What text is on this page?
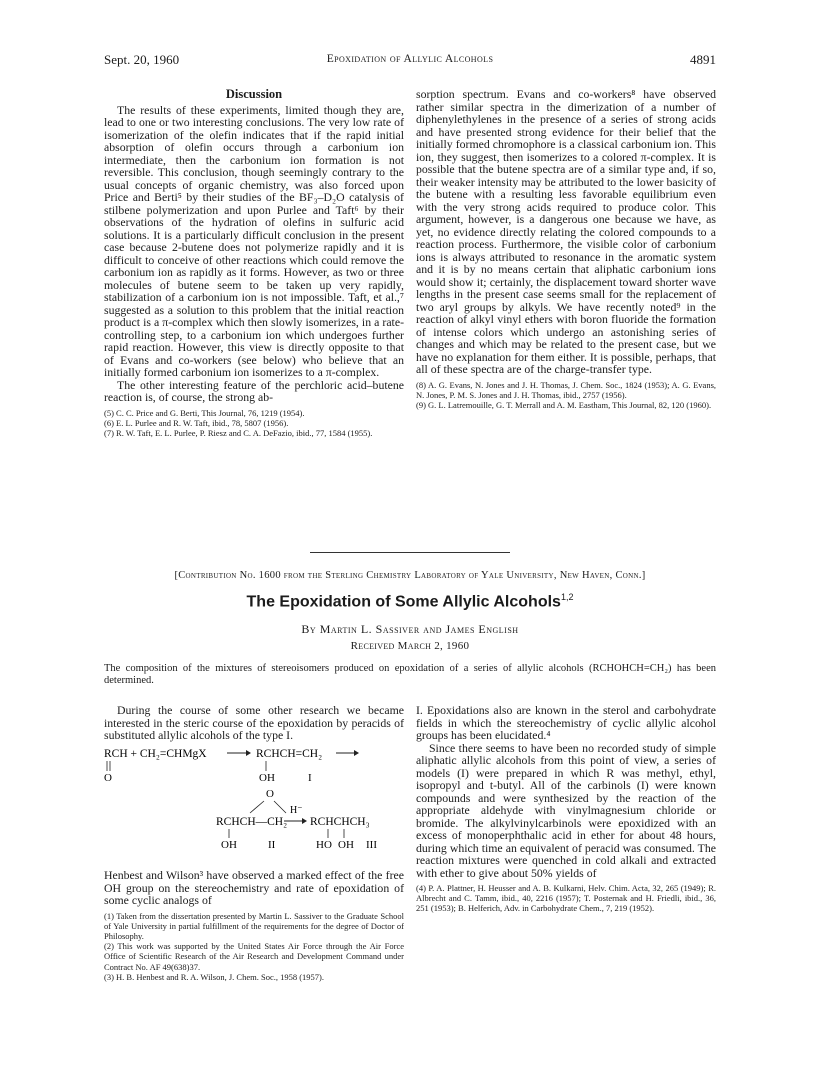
Sept. 20, 1960	Epoxidation of Allylic Alcohols	4891

Discussion

The results of these experiments, limited though they are, lead to one or two interesting conclusions. The very low rate of isomerization of the olefin indicates that if the rapid initial absorption of olefin occurs through a carbonium ion intermediate, then the carbonium ion formation is not reversible. This conclusion, though seemingly contrary to the usual concepts of organic chemistry, was also forced upon Price and Berti⁵ by their studies of the BF₃–D₂O catalysis of stilbene polymerization and upon Purlee and Taft⁶ by their observations of the hydration of olefins in sulfuric acid solutions. It is a particularly difficult conclusion in the present case because 2-butene does not polymerize rapidly and it is difficult to conceive of other reactions which could remove the carbonium ion as rapidly as it forms. However, as two or three molecules of butene seem to be taken up very rapidly, stabilization of a carbonium ion is not impossible. Taft, et al.,⁷ suggested as a solution to this problem that the initial reaction product is a π-complex which then slowly isomerizes, in a rate-controlling step, to a carbonium ion which undergoes further rapid reaction. However, this view is directly opposite to that of Evans and co-workers (see below) who believe that an initially formed carbonium ion isomerizes to a π-complex.

The other interesting feature of the perchloric acid–butene reaction is, of course, the strong ab-

(5) C. C. Price and G. Berti, This Journal, 76, 1219 (1954).

(6) E. L. Purlee and R. W. Taft, ibid., 78, 5807 (1956).

(7) R. W. Taft, E. L. Purlee, P. Riesz and C. A. DeFazio, ibid., 77, 1584 (1955).

sorption spectrum. Evans and co-workers⁸ have observed rather similar spectra in the dimerization of a number of diphenylethylenes in the presence of a series of strong acids and have presented strong evidence for their belief that the initially formed chromophore is a classical carbonium ion. This ion, they suggest, then isomerizes to a colored π-complex. It is possible that the butene spectra are of a similar type and, if so, their weaker intensity may be attributed to the lower basicity of the butene with a resulting less favorable equilibrium even with the very strong acids required to produce color. This argument, however, is a dangerous one because we have, as yet, no evidence directly relating the colored compounds to a reaction process. Furthermore, the visible color of carbonium ions is always attributed to resonance in the aromatic system and it is by no means certain that aliphatic carbonium ions would show it; certainly, the displacement toward shorter wave lengths in the present case seems small for the replacement of two aryl groups by alkyls. We have recently noted⁹ in the reaction of alkyl vinyl ethers with boron fluoride the formation of intense colors which undergo an astonishing series of changes and which may be related to the present case, but we have no explanation for them either. It is possible, perhaps, that all of these spectra are of the charge-transfer type.

(8) A. G. Evans, N. Jones and J. H. Thomas, J. Chem. Soc., 1824 (1953); A. G. Evans, N. Jones, P. M. S. Jones and J. H. Thomas, ibid., 2757 (1956).

(9) G. L. Latremouille, G. T. Merrall and A. M. Eastham, This Journal, 82, 120 (1960).

[Contribution No. 1600 from the Sterling Chemistry Laboratory of Yale University, New Haven, Conn.]
The Epoxidation of Some Allylic Alcohols$^{1,2}$
By Martin L. Sassiver and James English
Received March 2, 1960
The composition of the mixtures of stereoisomers produced on epoxidation of a series of allylic alcohols (RCHOHCH=CH₂) has been determined.

During the course of some other research we became interested in the steric course of the epoxidation by peracids of substituted allylic alcohols of the type I.

RCH + CH₂=CHMgX	RCHCH=CH₂
O	OH	I
O
H⁻
RCHCH—CH₂ RCHCHCH₃
OH	II	HO OH III

Henbest and Wilson³ have observed a marked effect of the free OH group on the stereochemistry and rate of epoxidation of some cyclic analogs of

(1) Taken from the dissertation presented by Martin L. Sassiver to the Graduate School of Yale University in partial fulfillment of the requirements for the degree of Doctor of Philosophy.

(2) This work was supported by the United States Air Force through the Air Force Office of Scientific Research of the Air Research and Development Command under Contract No. AF 49(638)37.

(3) H. B. Henbest and R. A. Wilson, J. Chem. Soc., 1958 (1957).

I. Epoxidations also are known in the sterol and carbohydrate fields in which the stereochemistry of cyclic allylic alcohol groups has been elucidated.⁴

Since there seems to have been no recorded study of simple aliphatic allylic alcohols from this point of view, a series of models (I) were prepared in which R was methyl, ethyl, isopropyl and t-butyl. All of the carbinols (I) were known compounds and were synthesized by the reaction of the appropriate aldehyde with vinylmagnesium chloride or bromide. The alkylvinylcarbinols were epoxidized with an excess of monoperphthalic acid in ether for about 48 hours, during which time an equivalent of peracid was consumed. The reaction mixtures were quenched in cold alkali and extracted with ether to give about 50% yields of

(4) P. A. Plattner, H. Heusser and A. B. Kulkarni, Helv. Chim. Acta, 32, 265 (1949); R. Albrecht and C. Tamm, ibid., 40, 2216 (1957); T. Posternak and H. Friedli, ibid., 36, 251 (1953); B. Helferich, Adv. in Carbohydrate Chem., 7, 219 (1952).
